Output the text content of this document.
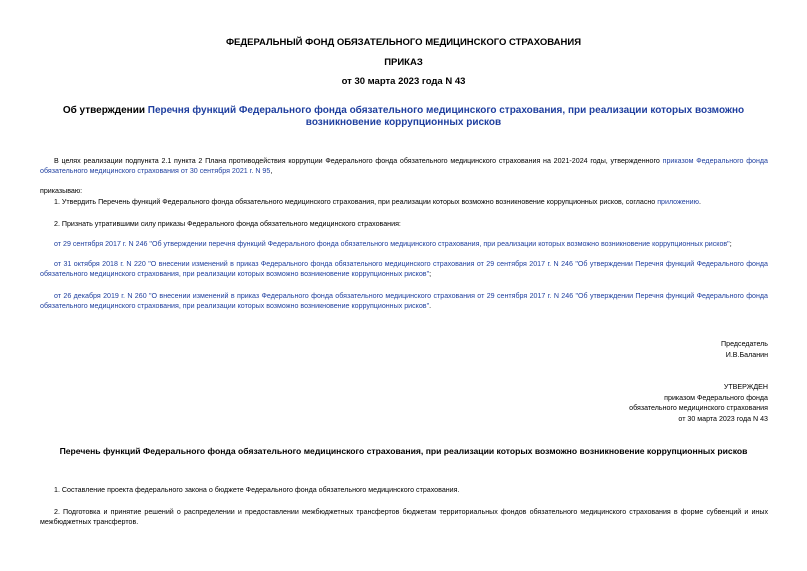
ФЕДЕРАЛЬНЫЙ ФОНД ОБЯЗАТЕЛЬНОГО МЕДИЦИНСКОГО СТРАХОВАНИЯ
ПРИКАЗ
от 30 марта 2023 года N 43
Об утверждении Перечня функций Федерального фонда обязательного медицинского страхования, при реализации которых возможно возникновение коррупционных рисков
В целях реализации подпункта 2.1 пункта 2 Плана противодействия коррупции Федерального фонда обязательного медицинского страхования на 2021-2024 годы, утвержденного приказом Федерального фонда обязательного медицинского страхования от 30 сентября 2021 г. N 95,
приказываю:
1. Утвердить Перечень функций Федерального фонда обязательного медицинского страхования, при реализации которых возможно возникновение коррупционных рисков, согласно приложению.
2. Признать утратившими силу приказы Федерального фонда обязательного медицинского страхования:
от 29 сентября 2017 г. N 246 "Об утверждении перечня функций Федерального фонда обязательного медицинского страхования, при реализации которых возможно возникновение коррупционных рисков";
от 31 октября 2018 г. N 220 "О внесении изменений в приказ Федерального фонда обязательного медицинского страхования от 29 сентября 2017 г. N 246 "Об утверждении Перечня функций Федерального фонда обязательного медицинского страхования, при реализации которых возможно возникновение коррупционных рисков";
от 26 декабря 2019 г. N 260 "О внесении изменений в приказ Федерального фонда обязательного медицинского страхования от 29 сентября 2017 г. N 246 "Об утверждении Перечня функций Федерального фонда обязательного медицинского страхования, при реализации которых возможно возникновение коррупционных рисков".
Председатель
И.В.Баланин
УТВЕРЖДЕН
приказом Федерального фонда
обязательного медицинского страхования
от 30 марта 2023 года N 43
Перечень функций Федерального фонда обязательного медицинского страхования, при реализации которых возможно возникновение коррупционных рисков
1. Составление проекта федерального закона о бюджете Федерального фонда обязательного медицинского страхования.
2. Подготовка и принятие решений о распределении и предоставлении межбюджетных трансфертов бюджетам территориальных фондов обязательного медицинского страхования в форме субвенций и иных межбюджетных трансфертов.
